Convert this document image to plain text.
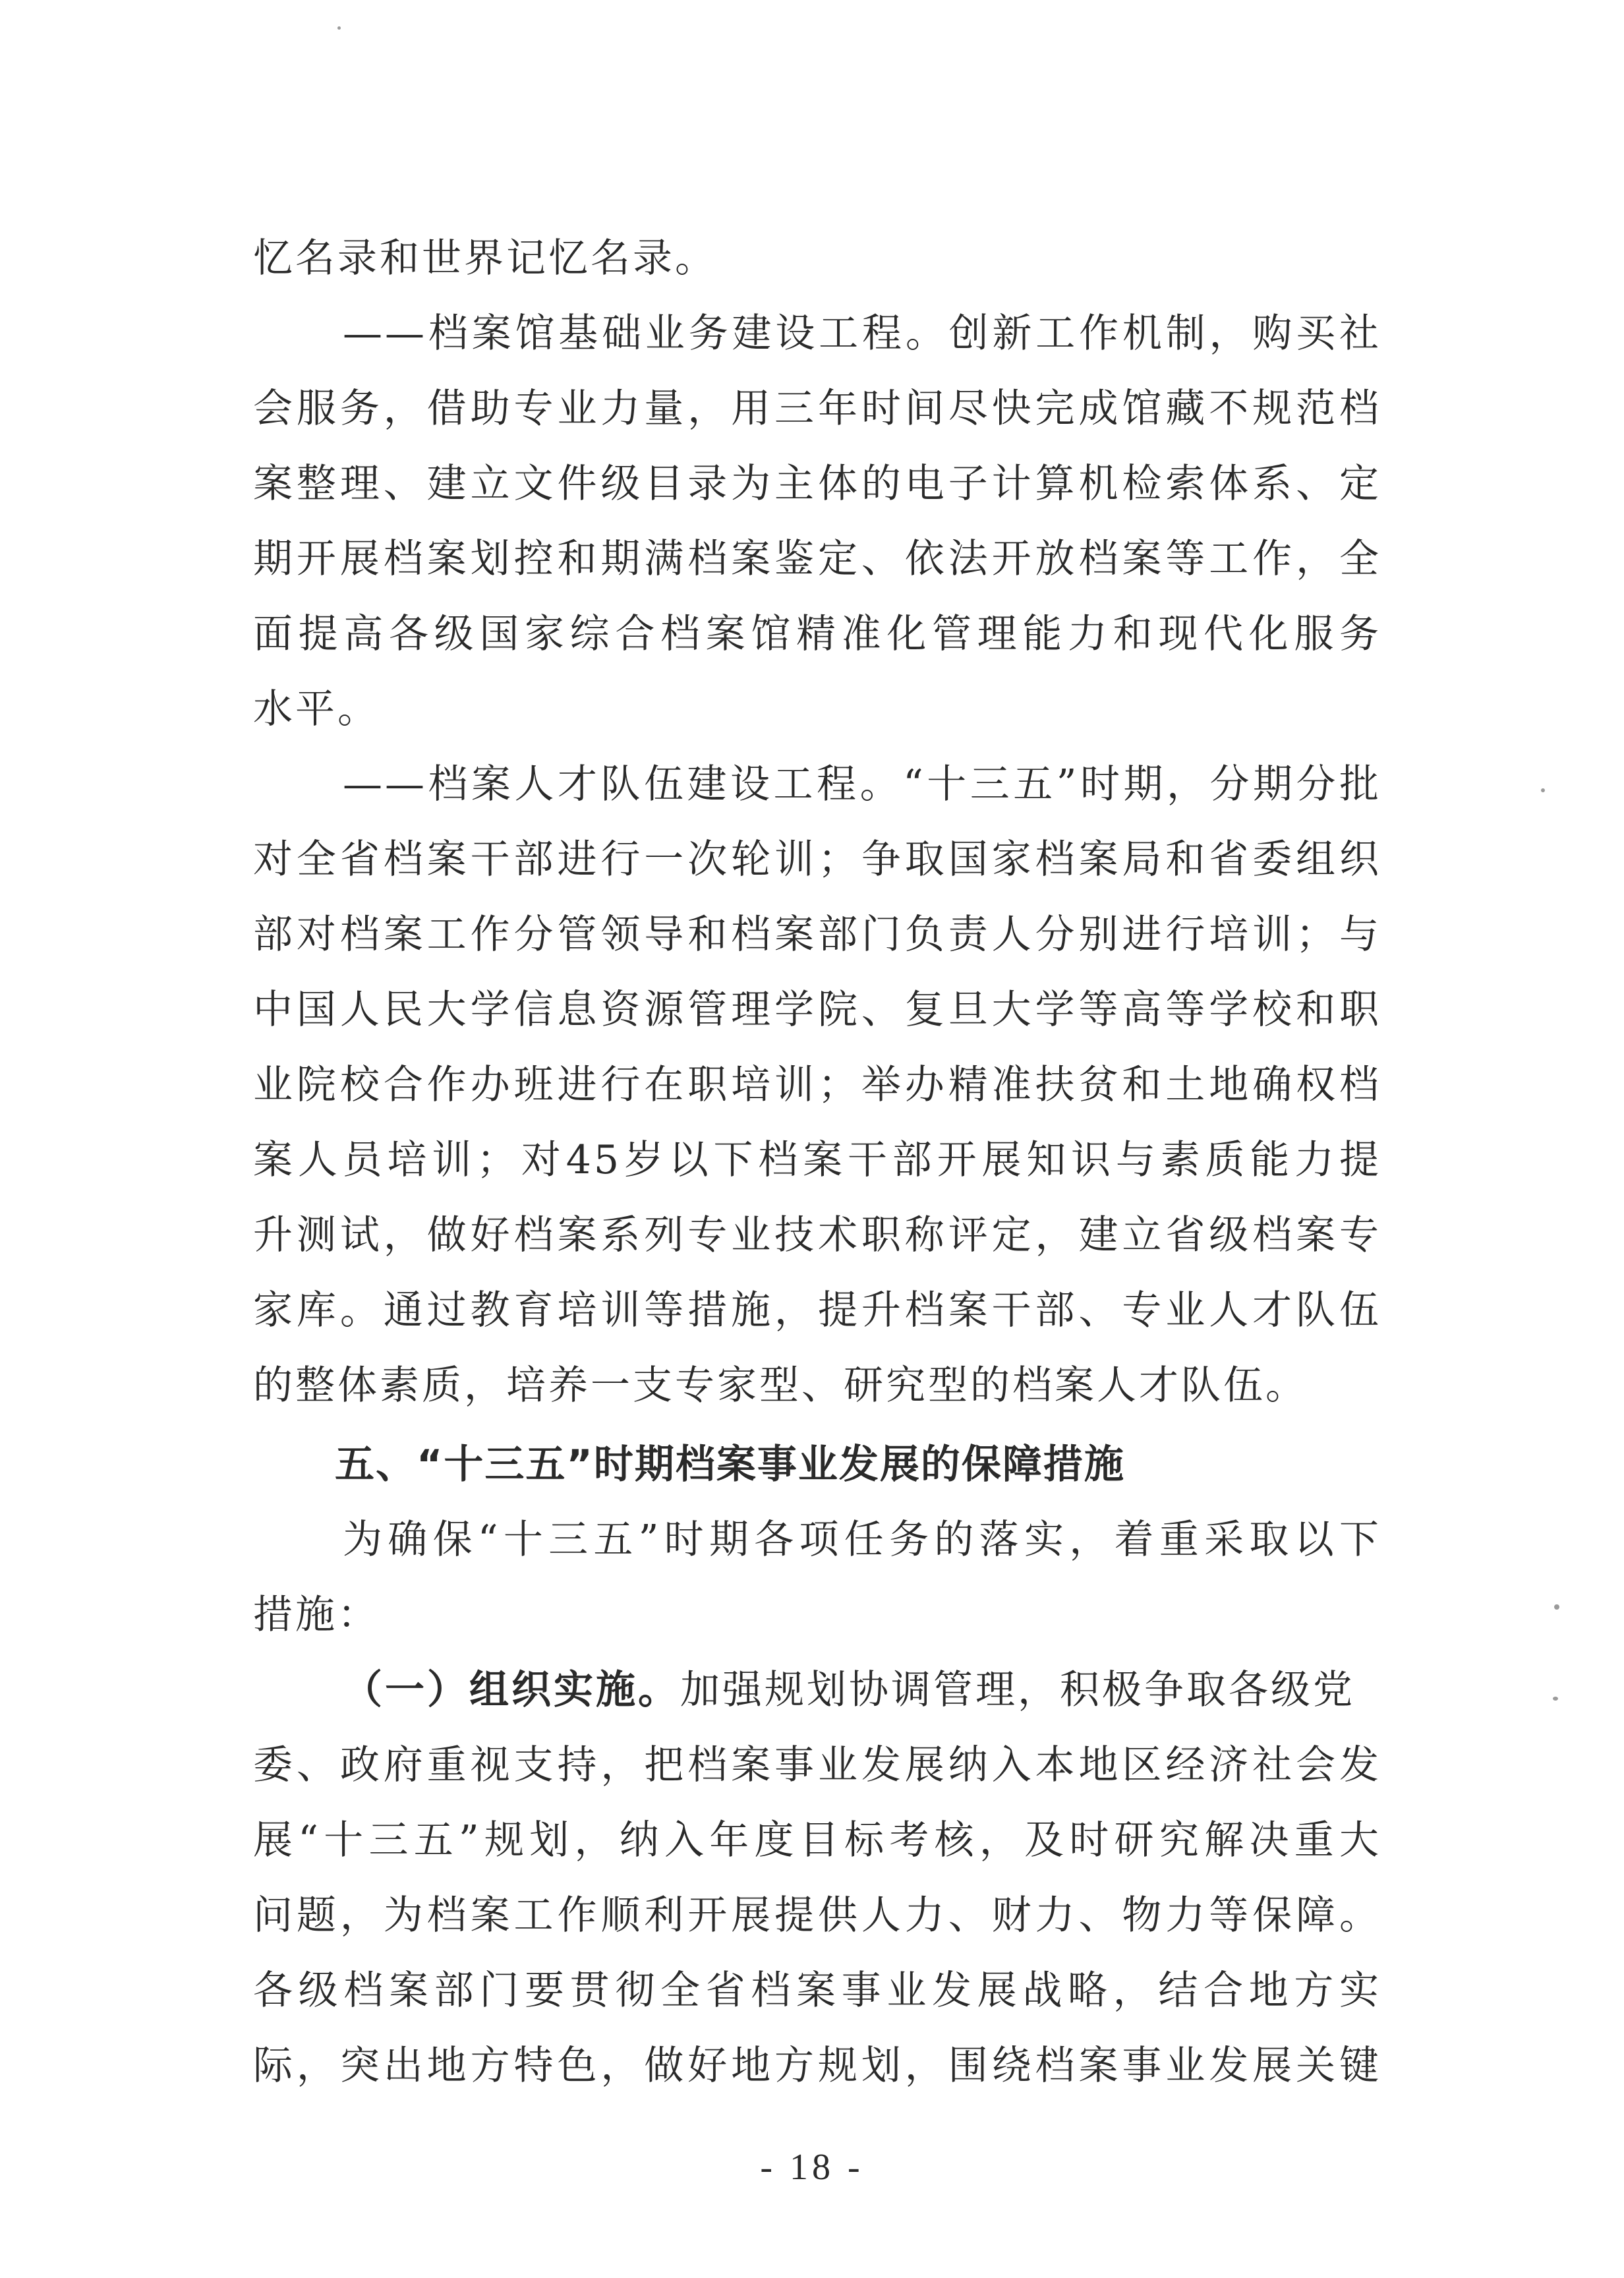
忆名录和世界记忆名录。
——档案馆基础业务建设工程。创新工作机制，购买社
会服务，借助专业力量，用三年时间尽快完成馆藏不规范档
案整理、建立文件级目录为主体的电子计算机检索体系、定
期开展档案划控和期满档案鉴定、依法开放档案等工作，全
面提高各级国家综合档案馆精准化管理能力和现代化服务
水平。
——档案人才队伍建设工程。“十三五”时期，分期分批
对全省档案干部进行一次轮训；争取国家档案局和省委组织
部对档案工作分管领导和档案部门负责人分别进行培训；与
中国人民大学信息资源管理学院、复旦大学等高等学校和职
业院校合作办班进行在职培训；举办精准扶贫和土地确权档
案人员培训；对45岁以下档案干部开展知识与素质能力提
升测试，做好档案系列专业技术职称评定，建立省级档案专
家库。通过教育培训等措施，提升档案干部、专业人才队伍
的整体素质，培养一支专家型、研究型的档案人才队伍。
五、“十三五”时期档案事业发展的保障措施
为确保“十三五”时期各项任务的落实，着重采取以下
措施：
（一）组织实施。加强规划协调管理，积极争取各级党
委、政府重视支持，把档案事业发展纳入本地区经济社会发
展“十三五”规划，纳入年度目标考核，及时研究解决重大
问题，为档案工作顺利开展提供人力、财力、物力等保障。
各级档案部门要贯彻全省档案事业发展战略，结合地方实
际，突出地方特色，做好地方规划，围绕档案事业发展关键
- 18 -
